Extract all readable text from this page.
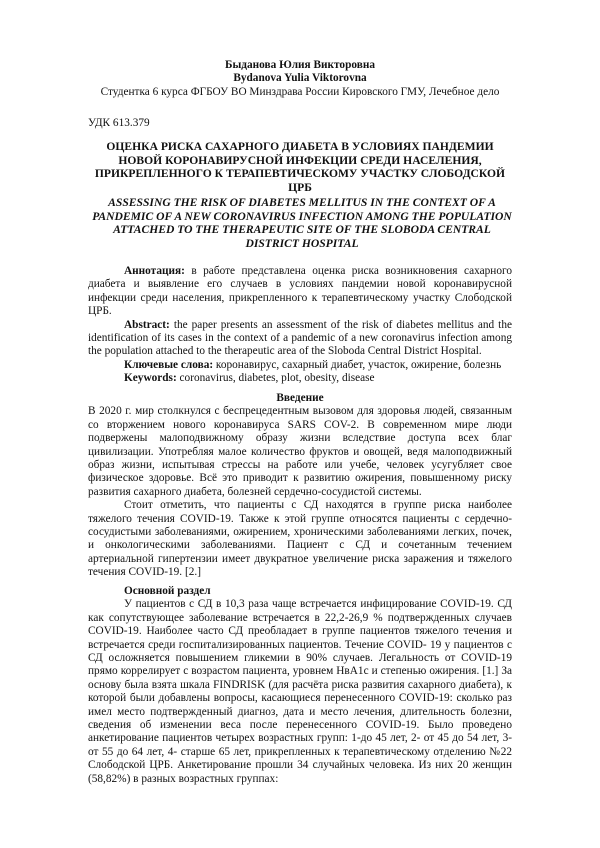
Быданова Юлия Викторовна
Bydanova Yulia Viktorovna
Студентка 6 курса ФГБОУ ВО Минздрава России Кировского ГМУ, Лечебное дело
УДК 613.379
ОЦЕНКА РИСКА САХАРНОГО ДИАБЕТА В УСЛОВИЯХ ПАНДЕМИИ НОВОЙ КОРОНАВИРУСНОЙ ИНФЕКЦИИ СРЕДИ НАСЕЛЕНИЯ, ПРИКРЕПЛЕННОГО К ТЕРАПЕВТИЧЕСКОМУ УЧАСТКУ СЛОБОДСКОЙ ЦРБ
ASSESSING THE RISK OF DIABETES MELLITUS IN THE CONTEXT OF A PANDEMIC OF A NEW CORONAVIRUS INFECTION AMONG THE POPULATION ATTACHED TO THE THERAPEUTIC SITE OF THE SLOBODA CENTRAL DISTRICT HOSPITAL

Аннотация: в работе представлена оценка риска возникновения сахарного диабета и выявление его случаев в условиях пандемии новой коронавирусной инфекции среди населения, прикрепленного к терапевтическому участку Слободской ЦРБ.

Abstract: the paper presents an assessment of the risk of diabetes mellitus and the identification of its cases in the context of a pandemic of a new coronavirus infection among the population attached to the therapeutic area of the Sloboda Central District Hospital.

Ключевые слова: коронавирус, сахарный диабет, участок, ожирение, болезнь

Keywords: coronavirus, diabetes, plot, obesity, disease

Введение

В 2020 г. мир столкнулся с беспрецедентным вызовом для здоровья людей, связанным со вторжением нового коронавируса SARS COV-2. В современном мире люди подвержены малоподвижному образу жизни вследствие доступа всех благ цивилизации. Употребляя малое количество фруктов и овощей, ведя малоподвижный образ жизни, испытывая стрессы на работе или учебе, человек усугубляет свое физическое здоровье. Всё это приводит к развитию ожирения, повышенному риску развития сахарного диабета, болезней сердечно-сосудистой системы.

Стоит отметить, что пациенты с СД находятся в группе риска наиболее тяжелого течения COVID-19. Также к этой группе относятся пациенты с сердечно-сосудистыми заболеваниями, ожирением, хроническими заболеваниями легких, почек, и онкологическими заболеваниями. Пациент с СД и сочетанным течением артериальной гипертензии имеет двукратное увеличение риска заражения и тяжелого течения COVID-19. [2.]

Основной раздел

У пациентов с СД в 10,3 раза чаще встречается инфицирование COVID-19. СД как сопутствующее заболевание встречается в 22,2-26,9 % подтвержденных случаев COVID-19. Наиболее часто СД преобладает в группе пациентов тяжелого течения и встречается среди госпитализированных пациентов. Течение COVID- 19 у пациентов с СД осложняется повышением гликемии в 90% случаев. Легальность от COVID-19 прямо коррелирует с возрастом пациента, уровнем HвA1c и степенью ожирения. [1.] За основу была взята шкала FINDRISK (для расчёта риска развития сахарного диабета), к которой были добавлены вопросы, касающиеся перенесенного COVID-19: сколько раз имел место подтвержденный диагноз, дата и место лечения, длительность болезни, сведения об изменении веса после перенесенного COVID-19. Было проведено анкетирование пациентов четырех возрастных групп: 1-до 45 лет, 2- от 45 до 54 лет, 3- от 55 до 64 лет, 4- старше 65 лет, прикрепленных к терапевтическому отделению №22 Слободской ЦРБ. Анкетирование прошли 34 случайных человека. Из них 20 женщин (58,82%) в разных возрастных группах:
